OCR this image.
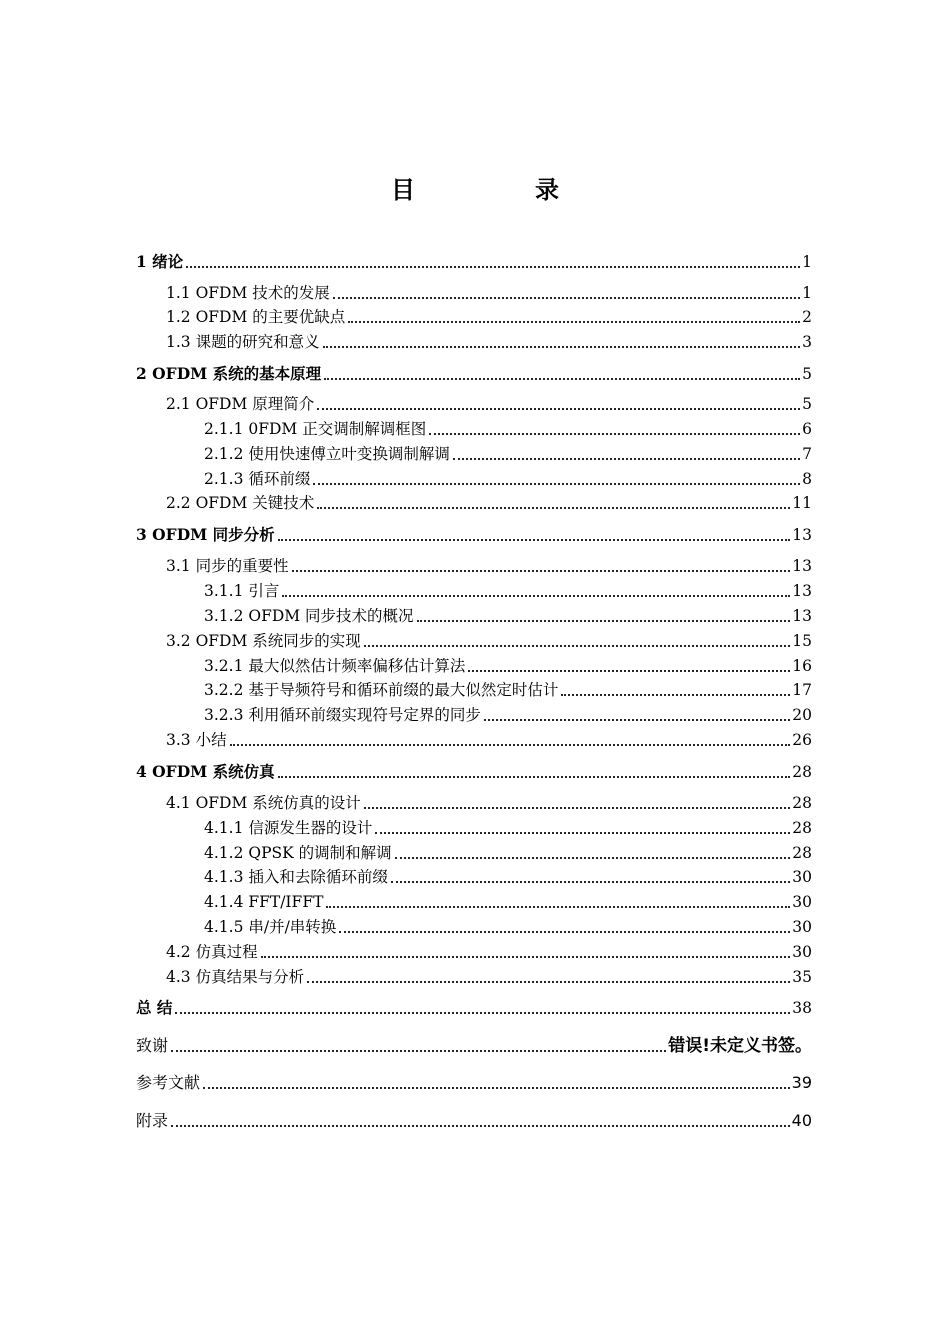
目　录
1 绪论	1
1.1 OFDM 技术的发展	1
1.2 OFDM 的主要优缺点	2
1.3 课题的研究和意义	3
2 OFDM 系统的基本原理	5
2.1 OFDM 原理简介	5
2.1.1 0FDM 正交调制解调框图	6
2.1.2 使用快速傅立叶变换调制解调	7
2.1.3 循环前缀	8
2.2 OFDM 关键技术	11
3 OFDM 同步分析	13
3.1 同步的重要性	13
3.1.1 引言	13
3.1.2 OFDM 同步技术的概况	13
3.2 OFDM 系统同步的实现	15
3.2.1 最大似然估计频率偏移估计算法	16
3.2.2 基于导频符号和循环前缀的最大似然定时估计	17
3.2.3 利用循环前缀实现符号定界的同步	20
3.3 小结	26
4 OFDM 系统仿真	28
4.1 OFDM 系统仿真的设计	28
4.1.1 信源发生器的设计	28
4.1.2 QPSK 的调制和解调	28
4.1.3 插入和去除循环前缀	30
4.1.4 FFT/IFFT	30
4.1.5 串/并/串转换	30
4.2 仿真过程	30
4.3 仿真结果与分析	35
总 结	38
致谢	错误!未定义书签。
参考文献	39
附录	40
